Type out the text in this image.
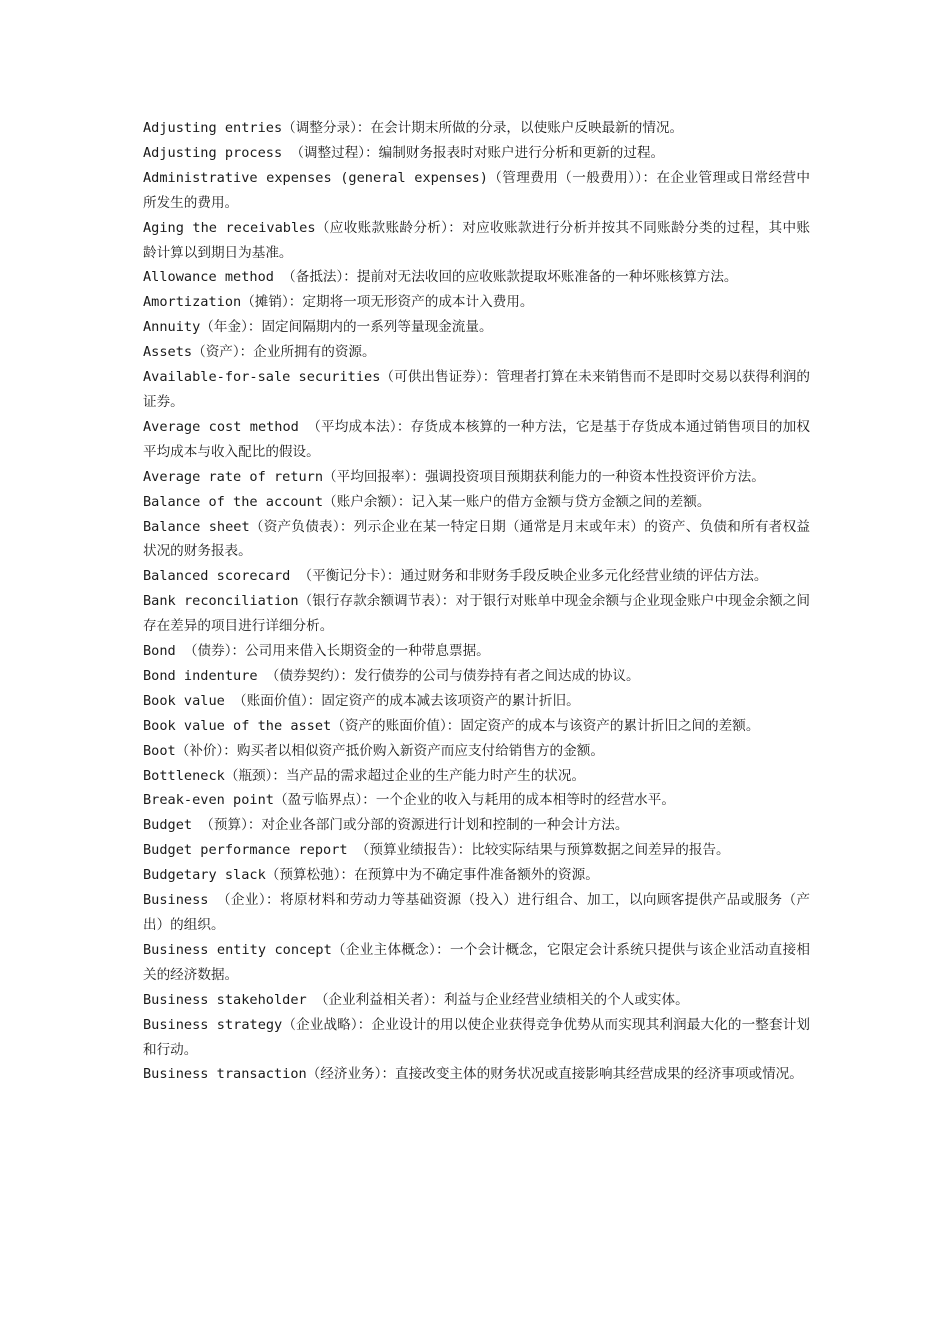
Adjusting entries（调整分录）：在会计期末所做的分录，以使账户反映最新的情况。

Adjusting process （调整过程）：编制财务报表时对账户进行分析和更新的过程。

Administrative expenses (general expenses)（管理费用（一般费用））：在企业管理或日常经营中所发生的费用。

Aging the receivables（应收账款账龄分析）：对应收账款进行分析并按其不同账龄分类的过程，其中账龄计算以到期日为基准。

Allowance method （备抵法）：提前对无法收回的应收账款提取坏账准备的一种坏账核算方法。

Amortization（摊销）：定期将一项无形资产的成本计入费用。

Annuity（年金）：固定间隔期内的一系列等量现金流量。

Assets（资产）：企业所拥有的资源。

Available-for-sale securities（可供出售证券）：管理者打算在未来销售而不是即时交易以获得利润的证券。

Average cost method （平均成本法）：存货成本核算的一种方法，它是基于存货成本通过销售项目的加权平均成本与收入配比的假设。

Average rate of return（平均回报率）：强调投资项目预期获利能力的一种资本性投资评价方法。

Balance of the account（账户余额）：记入某一账户的借方金额与贷方金额之间的差额。

Balance sheet（资产负债表）：列示企业在某一特定日期（通常是月末或年末）的资产、负债和所有者权益状况的财务报表。

Balanced scorecard （平衡记分卡）：通过财务和非财务手段反映企业多元化经营业绩的评估方法。

Bank reconciliation（银行存款余额调节表）：对于银行对账单中现金余额与企业现金账户中现金余额之间存在差异的项目进行详细分析。

Bond （债券）：公司用来借入长期资金的一种带息票据。

Bond indenture （债券契约）：发行债券的公司与债券持有者之间达成的协议。

Book value （账面价值）：固定资产的成本减去该项资产的累计折旧。

Book value of the asset（资产的账面价值）：固定资产的成本与该资产的累计折旧之间的差额。

Boot（补价）：购买者以相似资产抵价购入新资产而应支付给销售方的金额。

Bottleneck（瓶颈）：当产品的需求超过企业的生产能力时产生的状况。

Break-even point（盈亏临界点）：一个企业的收入与耗用的成本相等时的经营水平。

Budget （预算）：对企业各部门或分部的资源进行计划和控制的一种会计方法。

Budget performance report （预算业绩报告）：比较实际结果与预算数据之间差异的报告。

Budgetary slack（预算松弛）：在预算中为不确定事件准备额外的资源。

Business （企业）：将原材料和劳动力等基础资源（投入）进行组合、加工，以向顾客提供产品或服务（产出）的组织。

Business entity concept（企业主体概念）：一个会计概念，它限定会计系统只提供与该企业活动直接相关的经济数据。

Business stakeholder （企业利益相关者）：利益与企业经营业绩相关的个人或实体。

Business strategy（企业战略）：企业设计的用以使企业获得竞争优势从而实现其利润最大化的一整套计划和行动。

Business transaction（经济业务）：直接改变主体的财务状况或直接影响其经营成果的经济事项或情况。
